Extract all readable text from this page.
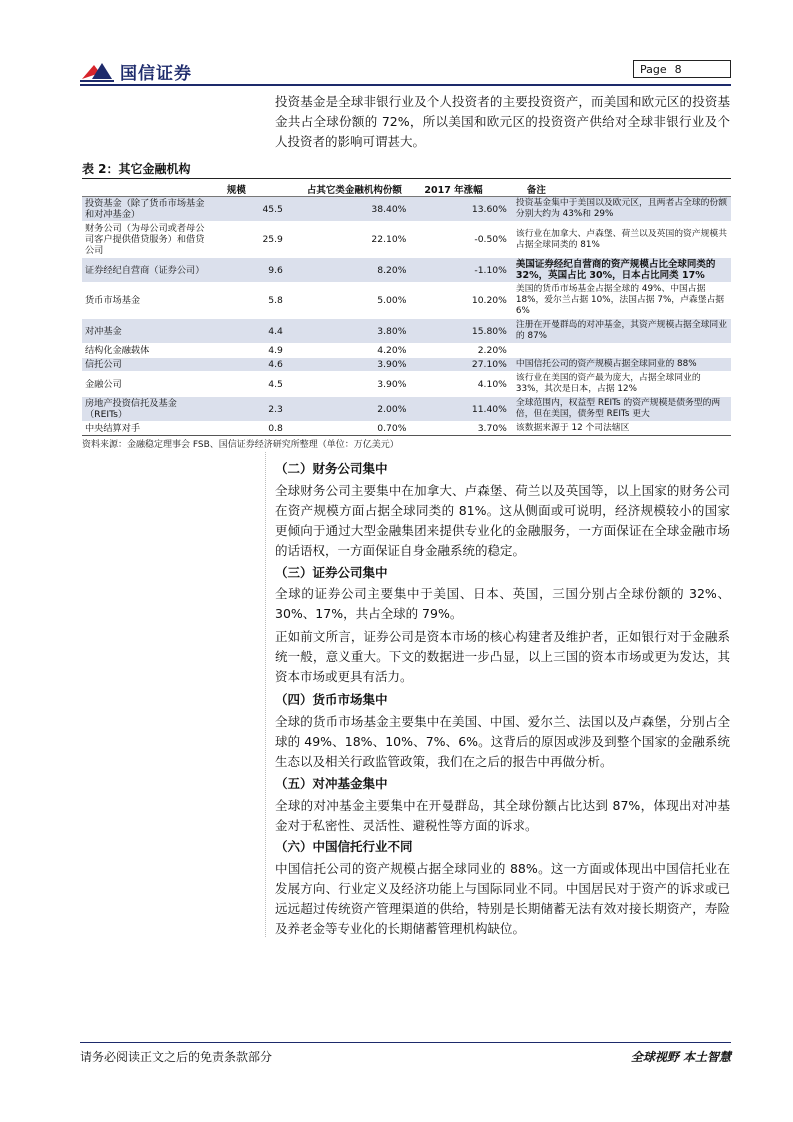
国信证券	Page 8
投资基金是全球非银行业及个人投资者的主要投资资产，而美国和欧元区的投资基金共占全球份额的 72%，所以美国和欧元区的投资资产供给对全球非银行业及个人投资者的影响可谓甚大。
表 2：其它金融机构
	规模	占其它类金融机构份额	2017 年涨幅	备注
投资基金（除了货币市场基金和对冲基金）	45.5	38.40%	13.60%	投资基金集中于美国以及欧元区，且两者占全球的份额分别大约为 43%和 29%
财务公司（为母公司或者母公司客户提供借贷服务）和借贷公司	25.9	22.10%	-0.50%	该行业在加拿大、卢森堡、荷兰以及英国的资产规模共占据全球同类的 81%
证券经纪自营商（证券公司）	9.6	8.20%	-1.10%	美国证券经纪自营商的资产规模占比全球同类的 32%，英国占比 30%，日本占比同类 17%
货币市场基金	5.8	5.00%	10.20%	美国的货币市场基金占据全球的 49%、中国占据 18%，爱尔兰占据 10%，法国占据 7%，卢森堡占据 6%
对冲基金	4.4	3.80%	15.80%	注册在开曼群岛的对冲基金，其资产规模占据全球同业的 87%
结构化金融载体	4.9	4.20%	2.20%	
信托公司	4.6	3.90%	27.10%	中国信托公司的资产规模占据全球同业的 88%
金融公司	4.5	3.90%	4.10%	该行业在美国的资产最为庞大，占据全球同业的 33%，其次是日本，占据 12%
房地产投资信托及基金（REITs）	2.3	2.00%	11.40%	全球范围内，权益型 REITs 的资产规模是债务型的两倍，但在美国，债务型 REITs 更大
中央结算对手	0.8	0.70%	3.70%	该数据来源于 12 个司法辖区
资料来源：金融稳定理事会 FSB、国信证券经济研究所整理（单位：万亿美元）
（二）财务公司集中
全球财务公司主要集中在加拿大、卢森堡、荷兰以及英国等，以上国家的财务公司在资产规模方面占据全球同类的 81%。这从侧面或可说明，经济规模较小的国家更倾向于通过大型金融集团来提供专业化的金融服务，一方面保证在全球金融市场的话语权，一方面保证自身金融系统的稳定。
（三）证券公司集中
全球的证券公司主要集中于美国、日本、英国，三国分别占全球份额的 32%、30%、17%，共占全球的 79%。
正如前文所言，证券公司是资本市场的核心构建者及维护者，正如银行对于金融系统一般，意义重大。下文的数据进一步凸显，以上三国的资本市场或更为发达，其资本市场或更具有活力。
（四）货币市场集中
全球的货币市场基金主要集中在美国、中国、爱尔兰、法国以及卢森堡，分别占全球的 49%、18%、10%、7%、6%。这背后的原因或涉及到整个国家的金融系统生态以及相关行政监管政策，我们在之后的报告中再做分析。
（五）对冲基金集中
全球的对冲基金主要集中在开曼群岛，其全球份额占比达到 87%，体现出对冲基金对于私密性、灵活性、避税性等方面的诉求。
（六）中国信托行业不同
中国信托公司的资产规模占据全球同业的 88%。这一方面或体现出中国信托业在发展方向、行业定义及经济功能上与国际同业不同。中国居民对于资产的诉求或已远远超过传统资产管理渠道的供给，特别是长期储蓄无法有效对接长期资产，寿险及养老金等专业化的长期储蓄管理机构缺位。
请务必阅读正文之后的免责条款部分	全球视野 本土智慧
